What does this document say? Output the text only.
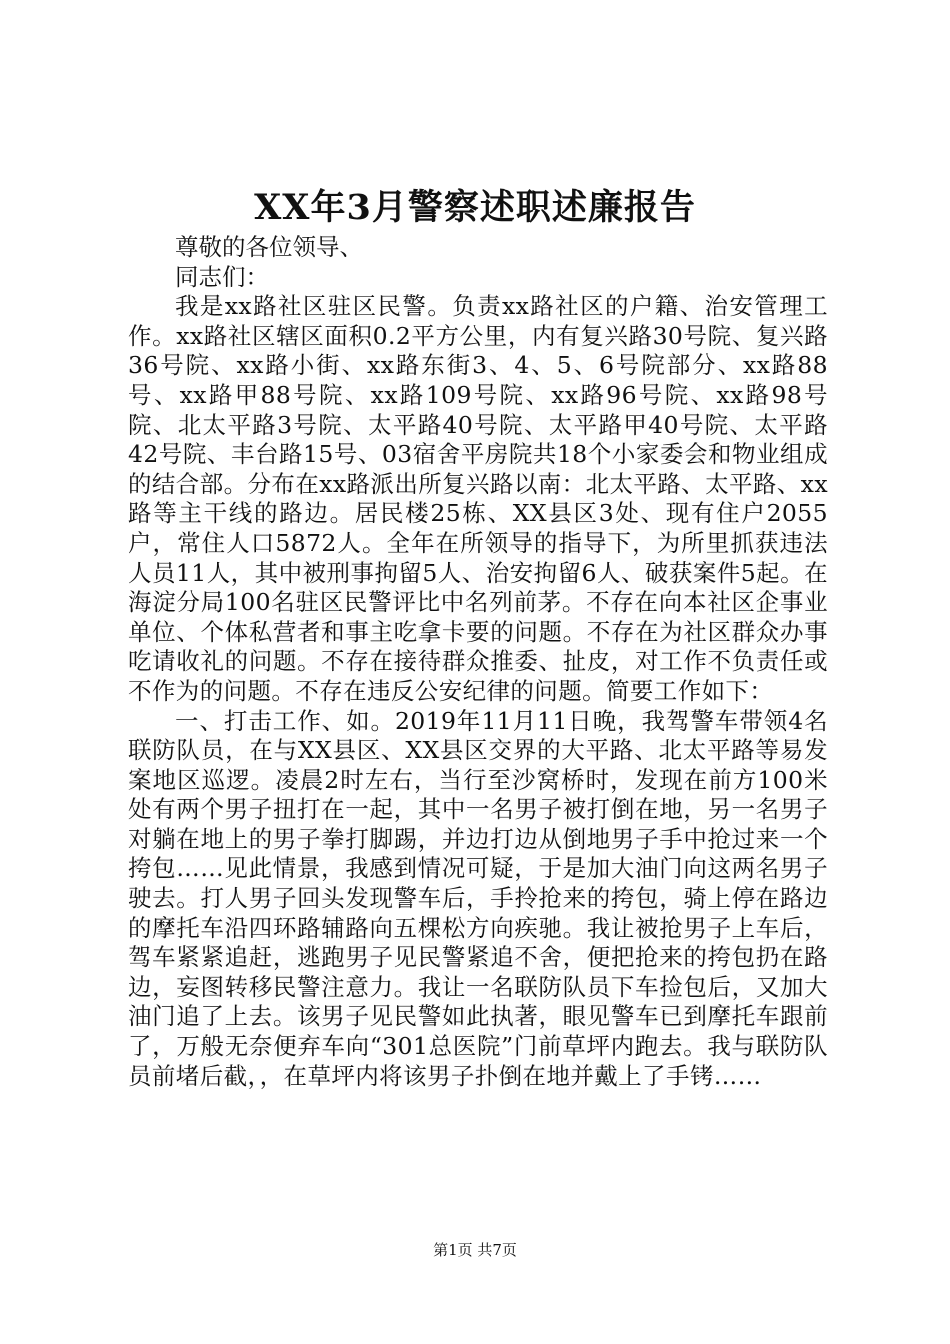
XX年3月警察述职述廉报告

尊敬的各位领导、

同志们：

我是xx路社区驻区民警。负责xx路社区的户籍、治安管理工作。xx路社区辖区面积0.2平方公里，内有复兴路30号院、复兴路36号院、xx路小街、xx路东街3、4、5、6号院部分、xx路88号、xx路甲88号院、xx路109号院、xx路96号院、xx路98号院、北太平路3号院、太平路40号院、太平路甲40号院、太平路42号院、丰台路15号、03宿舍平房院共18个小家委会和物业组成的结合部。分布在xx路派出所复兴路以南：北太平路、太平路、xx路等主干线的路边。居民楼25栋、XX县区3处、现有住户2055户，常住人口5872人。全年在所领导的指导下，为所里抓获违法人员11人，其中被刑事拘留5人、治安拘留6人、破获案件5起。在海淀分局100名驻区民警评比中名列前茅。不存在向本社区企事业单位、个体私营者和事主吃拿卡要的问题。不存在为社区群众办事吃请收礼的问题。不存在接待群众推委、扯皮，对工作不负责任或不作为的问题。不存在违反公安纪律的问题。简要工作如下：

一、打击工作、如。2019年11月11日晚，我驾警车带领4名联防队员，在与XX县区、XX县区交界的大平路、北太平路等易发案地区巡逻。凌晨2时左右，当行至沙窝桥时，发现在前方100米处有两个男子扭打在一起，其中一名男子被打倒在地，另一名男子对躺在地上的男子拳打脚踢，并边打边从倒地男子手中抢过来一个挎包……见此情景，我感到情况可疑，于是加大油门向这两名男子驶去。打人男子回头发现警车后，手拎抢来的挎包，骑上停在路边的摩托车沿四环路辅路向五棵松方向疾驰。我让被抢男子上车后，驾车紧紧追赶，逃跑男子见民警紧追不舍，便把抢来的挎包扔在路边，妄图转移民警注意力。我让一名联防队员下车捡包后，又加大油门追了上去。该男子见民警如此执著，眼见警车已到摩托车跟前了，万般无奈便弃车向“301总医院”门前草坪内跑去。我与联防队员前堵后截，，在草坪内将该男子扑倒在地并戴上了手铐……

第1页 共7页
